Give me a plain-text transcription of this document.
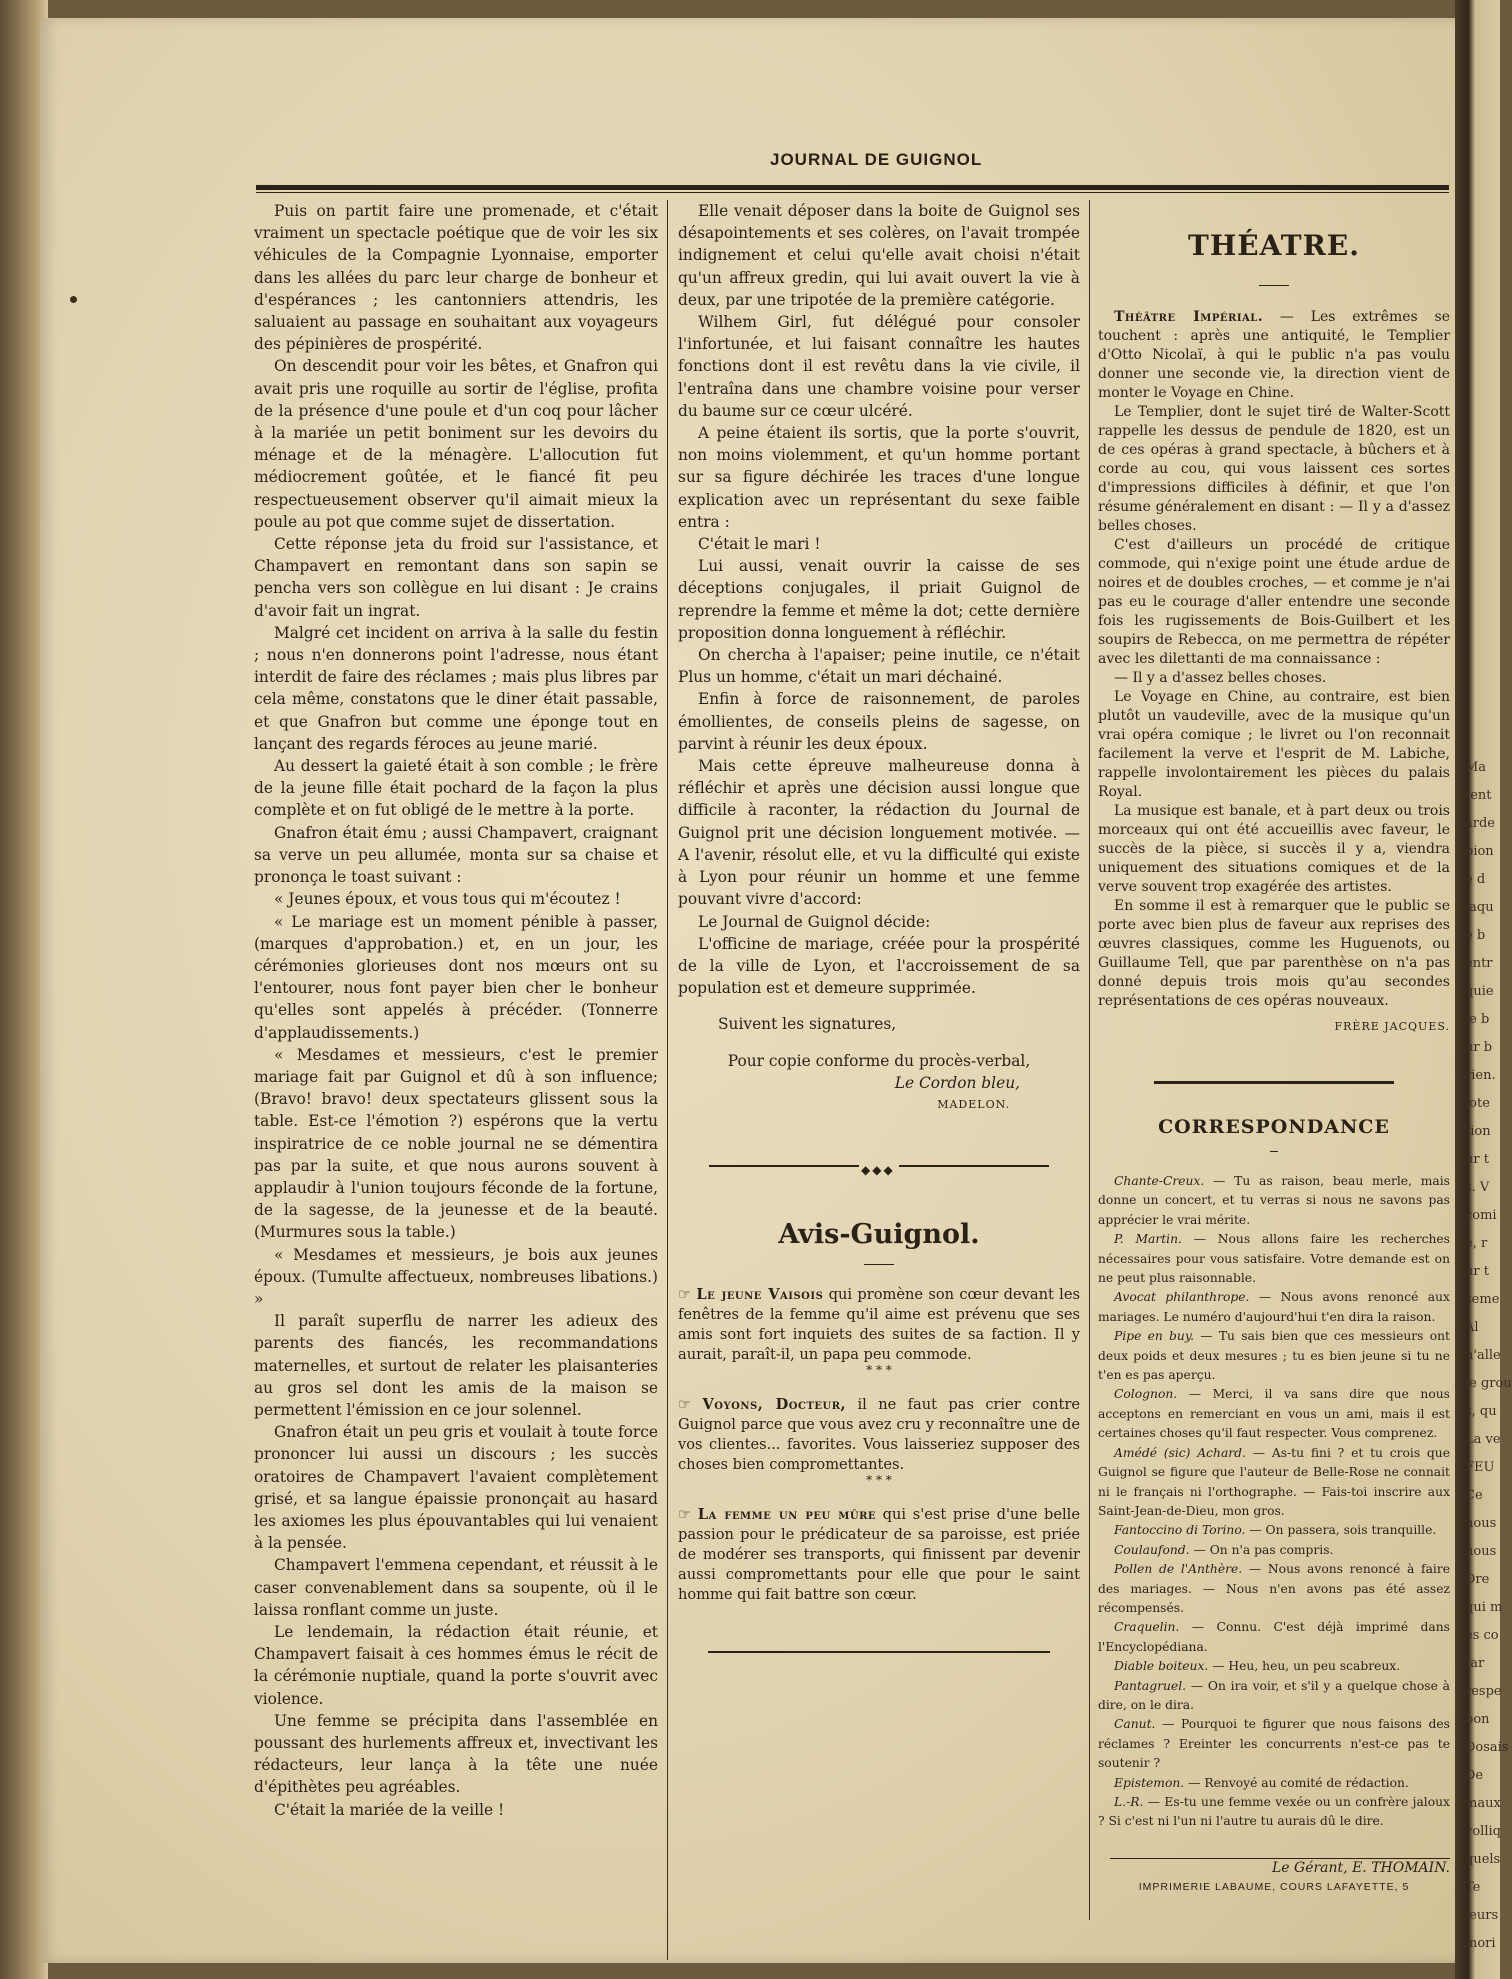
Ma
tent
arde
bion
e d
laqu
e b
entr
quie
le b
ur b
rien.
lote
tion
ur t
s. V
comi
e, r
ur t
seme
Al
n'alle
le grou
s, qu
La ve
FEU
Ce
nous
nous
Dre
qui m
es co
Jar
respe
bon
Dosais
De
maux
volliq
quels
Te
leurs
mori
JOURNAL DE GUIGNOL

Puis on partit faire une promenade, et c'était vraiment un spectacle poétique que de voir les six véhicules de la Compagnie Lyonnaise, emporter dans les allées du parc leur charge de bonheur et d'espérances ; les cantonniers attendris, les saluaient au passage en souhaitant aux voyageurs des pépinières de prospérité.

On descendit pour voir les bêtes, et Gnafron qui avait pris une roquille au sortir de l'église, profita de la présence d'une poule et d'un coq pour lâcher à la mariée un petit boniment sur les devoirs du ménage et de la ménagère. L'allocution fut médiocrement goûtée, et le fiancé fit peu respectueusement observer qu'il aimait mieux la poule au pot que comme sujet de dissertation.

Cette réponse jeta du froid sur l'assistance, et Champavert en remontant dans son sapin se pencha vers son collègue en lui disant : Je crains d'avoir fait un ingrat.

Malgré cet incident on arriva à la salle du festin ; nous n'en donnerons point l'adresse, nous étant interdit de faire des réclames ; mais plus libres par cela même, constatons que le diner était passable, et que Gnafron but comme une éponge tout en lançant des regards féroces au jeune marié.

Au dessert la gaieté était à son comble ; le frère de la jeune fille était pochard de la façon la plus complète et on fut obligé de le mettre à la porte.

Gnafron était ému ; aussi Champavert, craignant sa verve un peu allumée, monta sur sa chaise et prononça le toast suivant :

« Jeunes époux, et vous tous qui m'écoutez !

« Le mariage est un moment pénible à passer, (marques d'approbation.) et, en un jour, les cérémonies glorieuses dont nos mœurs ont su l'entourer, nous font payer bien cher le bonheur qu'elles sont appelés à précéder. (Tonnerre d'applaudissements.)

« Mesdames et messieurs, c'est le premier mariage fait par Guignol et dû à son influence; (Bravo! bravo! deux spectateurs glissent sous la table. Est-ce l'émotion ?) espérons que la vertu inspiratrice de ce noble journal ne se démentira pas par la suite, et que nous aurons souvent à applaudir à l'union toujours féconde de la fortune, de la sagesse, de la jeunesse et de la beauté. (Murmures sous la table.)

« Mesdames et messieurs, je bois aux jeunes époux. (Tumulte affectueux, nombreuses libations.) »

Il paraît superflu de narrer les adieux des parents des fiancés, les recommandations maternelles, et surtout de relater les plaisanteries au gros sel dont les amis de la maison se permettent l'émission en ce jour solennel.

Gnafron était un peu gris et voulait à toute force prononcer lui aussi un discours ; les succès oratoires de Champavert l'avaient complètement grisé, et sa langue épaissie prononçait au hasard les axiomes les plus épouvantables qui lui venaient à la pensée.

Champavert l'emmena cependant, et réussit à le caser convenablement dans sa soupente, où il le laissa ronflant comme un juste.

Le lendemain, la rédaction était réunie, et Champavert faisait à ces hommes émus le récit de la cérémonie nuptiale, quand la porte s'ouvrit avec violence.

Une femme se précipita dans l'assemblée en poussant des hurlements affreux et, invectivant les rédacteurs, leur lança à la tête une nuée d'épithètes peu agréables.

C'était la mariée de la veille !

Elle venait déposer dans la boite de Guignol ses désapointements et ses colères, on l'avait trompée indignement et celui qu'elle avait choisi n'était qu'un affreux gredin, qui lui avait ouvert la vie à deux, par une tripotée de la première catégorie.

Wilhem Girl, fut délégué pour consoler l'infortunée, et lui faisant connaître les hautes fonctions dont il est revêtu dans la vie civile, il l'entraîna dans une chambre voisine pour verser du baume sur ce cœur ulcéré.

A peine étaient ils sortis, que la porte s'ouvrit, non moins violemment, et qu'un homme portant sur sa figure déchirée les traces d'une longue explication avec un représentant du sexe faible entra :

C'était le mari !

Lui aussi, venait ouvrir la caisse de ses déceptions conjugales, il priait Guignol de reprendre la femme et même la dot; cette dernière proposition donna longuement à réfléchir.

On chercha à l'apaiser; peine inutile, ce n'était Plus un homme, c'était un mari déchainé.

Enfin à force de raisonnement, de paroles émollientes, de conseils pleins de sagesse, on parvint à réunir les deux époux.

Mais cette épreuve malheureuse donna à réfléchir et après une décision aussi longue que difficile à raconter, la rédaction du Journal de Guignol prit une décision longuement motivée. — A l'avenir, résolut elle, et vu la difficulté qui existe à Lyon pour réunir un homme et une femme pouvant vivre d'accord:

Le Journal de Guignol décide:

L'officine de mariage, créée pour la prospérité de la ville de Lyon, et l'accroissement de sa population est et demeure supprimée.

Suivent les signatures,

Pour copie conforme du procès-verbal,

Le Cordon bleu,

MADELON.

◆◆◆
Avis-Guignol.

☞ Le jeune Vaisois qui promène son cœur devant les fenêtres de la femme qu'il aime est prévenu que ses amis sont fort inquiets des suites de sa faction. Il y aurait, paraît-il, un papa peu commode.

* * *

☞ Voyons, Docteur, il ne faut pas crier contre Guignol parce que vous avez cru y reconnaître une de vos clientes... favorites. Vous laisseriez supposer des choses bien compromettantes.

* * *

☞ La femme un peu mûre qui s'est prise d'une belle passion pour le prédicateur de sa paroisse, est priée de modérer ses transports, qui finissent par devenir aussi compromettants pour elle que pour le saint homme qui fait battre son cœur.

THÉATRE.

Théâtre Impérial. — Les extrêmes se touchent : après une antiquité, le Templier d'Otto Nicolaï, à qui le public n'a pas voulu donner une seconde vie, la direction vient de monter le Voyage en Chine.

Le Templier, dont le sujet tiré de Walter-Scott rappelle les dessus de pendule de 1820, est un de ces opéras à grand spectacle, à bûchers et à corde au cou, qui vous laissent ces sortes d'impressions difficiles à définir, et que l'on résume généralement en disant : — Il y a d'assez belles choses.

C'est d'ailleurs un procédé de critique commode, qui n'exige point une étude ardue de noires et de doubles croches, — et comme je n'ai pas eu le courage d'aller entendre une seconde fois les rugissements de Bois-Guilbert et les soupirs de Rebecca, on me permettra de répéter avec les dilettanti de ma connaissance :

— Il y a d'assez belles choses.

Le Voyage en Chine, au contraire, est bien plutôt un vaudeville, avec de la musique qu'un vrai opéra comique ; le livret ou l'on reconnait facilement la verve et l'esprit de M. Labiche, rappelle involontairement les pièces du palais Royal.

La musique est banale, et à part deux ou trois morceaux qui ont été accueillis avec faveur, le succès de la pièce, si succès il y a, viendra uniquement des situations comiques et de la verve souvent trop exagérée des artistes.

En somme il est à remarquer que le public se porte avec bien plus de faveur aux reprises des œuvres classiques, comme les Huguenots, ou Guillaume Tell, que par parenthèse on n'a pas donné depuis trois mois qu'au secondes représentations de ces opéras nouveaux.

FRÈRE JACQUES.
CORRESPONDANCE

Chante-Creux. — Tu as raison, beau merle, mais donne un concert, et tu verras si nous ne savons pas apprécier le vrai mérite.

P. Martin. — Nous allons faire les recherches nécessaires pour vous satisfaire. Votre demande est on ne peut plus raisonnable.

Avocat philanthrope. — Nous avons renoncé aux mariages. Le numéro d'aujourd'hui t'en dira la raison.

Pipe en buy. — Tu sais bien que ces messieurs ont deux poids et deux mesures ; tu es bien jeune si tu ne t'en es pas aperçu.

Colognon. — Merci, il va sans dire que nous acceptons en remerciant en vous un ami, mais il est certaines choses qu'il faut respecter. Vous comprenez.

Amédé (sic) Achard. — As-tu fini ? et tu crois que Guignol se figure que l'auteur de Belle-Rose ne connait ni le français ni l'orthographe. — Fais-toi inscrire aux Saint-Jean-de-Dieu, mon gros.

Fantoccino di Torino. — On passera, sois tranquille.

Coulaufond. — On n'a pas compris.

Pollen de l'Anthère. — Nous avons renoncé à faire des mariages. — Nous n'en avons pas été assez récompensés.

Craquelin. — Connu. C'est déjà imprimé dans l'Encyclopédiana.

Diable boiteux. — Heu, heu, un peu scabreux.

Pantagruel. — On ira voir, et s'il y a quelque chose à dire, on le dira.

Canut. — Pourquoi te figurer que nous faisons des réclames ? Ereinter les concurrents n'est-ce pas te soutenir ?

Epistemon. — Renvoyé au comité de rédaction.

L.-R. — Es-tu une femme vexée ou un confrère jaloux ? Si c'est ni l'un ni l'autre tu aurais dû le dire.

Le Gérant, E. THOMAIN.

IMPRIMERIE LABAUME, COURS LAFAYETTE, 5
